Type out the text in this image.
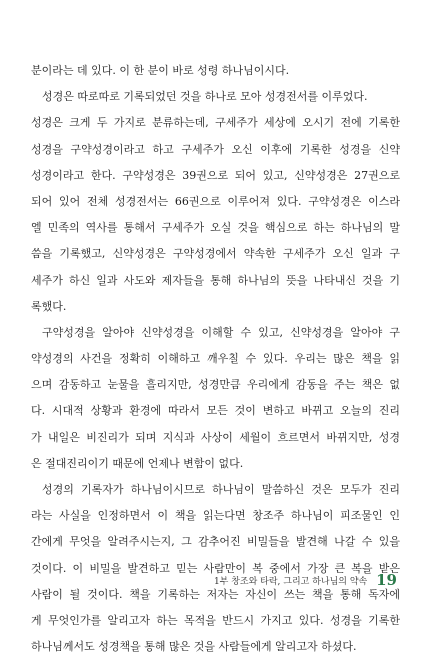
분이라는 데 있다. 이 한 분이 바로 성령 하나님이시다.
성경은 따로따로 기록되었던 것을 하나로 모아 성경전서를 이루었다.
성경은 크게 두 가지로 분류하는데, 구세주가 세상에 오시기 전에 기록한
성경을 구약성경이라고 하고 구세주가 오신 이후에 기록한 성경을 신약
성경이라고 한다. 구약성경은 39권으로 되어 있고, 신약성경은 27권으로
되어 있어 전체 성경전서는 66권으로 이루어져 있다. 구약성경은 이스라
엘 민족의 역사를 통해서 구세주가 오실 것을 핵심으로 하는 하나님의 말
씀을 기록했고, 신약성경은 구약성경에서 약속한 구세주가 오신 일과 구
세주가 하신 일과 사도와 제자들을 통해 하나님의 뜻을 나타내신 것을 기
록했다.
구약성경을 알아야 신약성경을 이해할 수 있고, 신약성경을 알아야 구
약성경의 사건을 정확히 이해하고 깨우칠 수 있다. 우리는 많은 책을 읽
으며 감동하고 눈물을 흘리지만, 성경만큼 우리에게 감동을 주는 책은 없
다. 시대적 상황과 환경에 따라서 모든 것이 변하고 바뀌고 오늘의 진리
가 내일은 비진리가 되며 지식과 사상이 세월이 흐르면서 바뀌지만, 성경
은 절대진리이기 때문에 언제나 변함이 없다.
성경의 기록자가 하나님이시므로 하나님이 말씀하신 것은 모두가 진리
라는 사실을 인정하면서 이 책을 읽는다면 창조주 하나님이 피조물인 인
간에게 무엇을 알려주시는지, 그 감추어진 비밀들을 발견해 나갈 수 있을
것이다. 이 비밀을 발견하고 믿는 사람만이 복 중에서 가장 큰 복을 받은
사람이 될 것이다. 책을 기록하는 저자는 자신이 쓰는 책을 통해 독자에
게 무엇인가를 알리고자 하는 목적을 반드시 가지고 있다. 성경을 기록한
하나님께서도 성경책을 통해 많은 것을 사람들에게 알리고자 하셨다.
1부 창조와 타락, 그리고 하나님의 약속 19
